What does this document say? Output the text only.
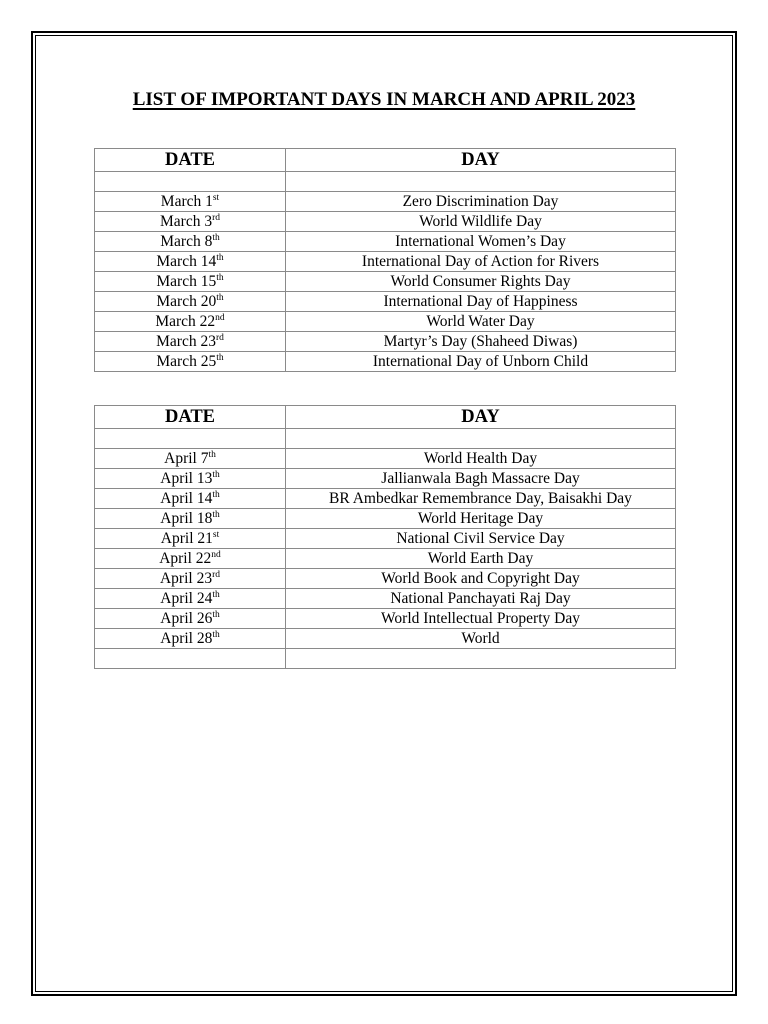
LIST OF IMPORTANT DAYS IN MARCH AND APRIL 2023
DATE	DAY

March 1st	Zero Discrimination Day
March 3rd	World Wildlife Day
March 8th	International Women’s Day
March 14th	International Day of Action for Rivers
March 15th	World Consumer Rights Day
March 20th	International Day of Happiness
March 22nd	World Water Day
March 23rd	Martyr’s Day (Shaheed Diwas)
March 25th	International Day of Unborn Child
DATE	DAY

April 7th	World Health Day
April 13th	Jallianwala Bagh Massacre Day
April 14th	BR Ambedkar Remembrance Day, Baisakhi Day
April 18th	World Heritage Day
April 21st	National Civil Service Day
April 22nd	World Earth Day
April 23rd	World Book and Copyright Day
April 24th	National Panchayati Raj Day
April 26th	World Intellectual Property Day
April 28th	World
